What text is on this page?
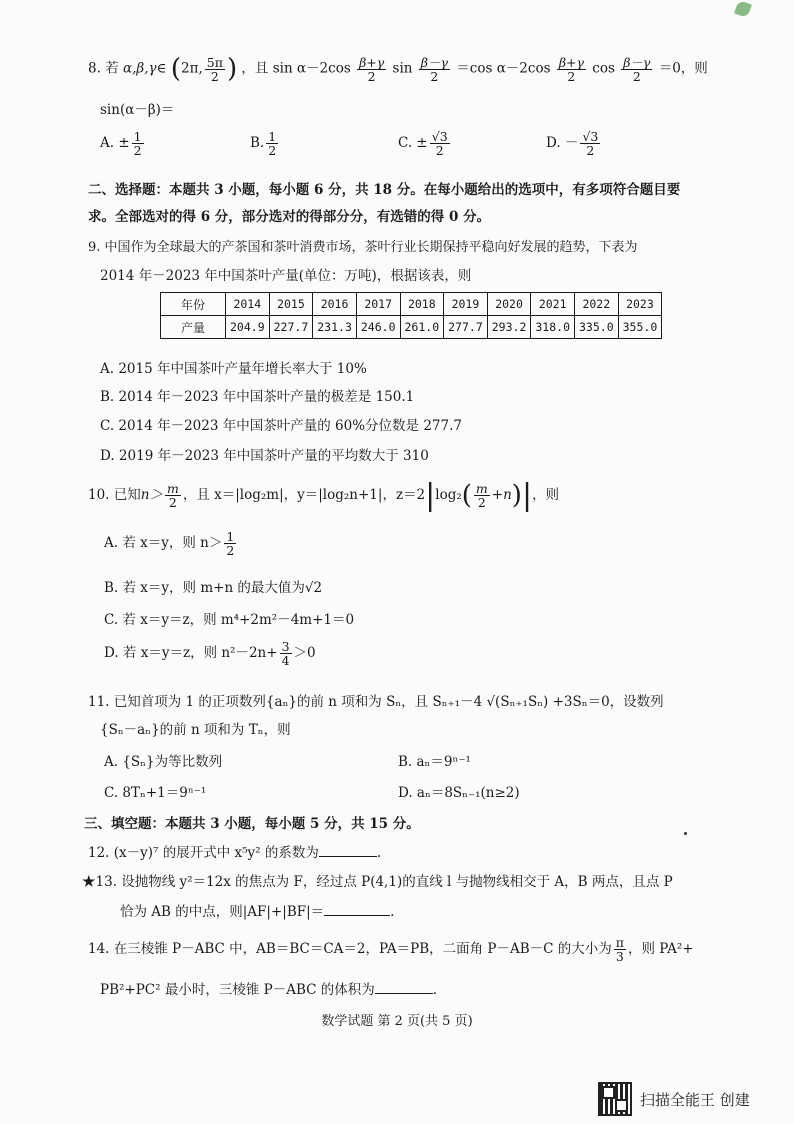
8. 若 α,β,γ∈ (2π, $\frac{5\pi}{2}$ ) ，且 $\sin \alpha-2\cos \frac{\beta+\gamma}{2}$ $\sin \frac{\beta-\gamma}{2} =\cos$ $\alpha-2\cos \frac{\beta+\gamma}{2}$ $\cos \frac{\beta-\gamma}{2} =0$，则
sin(α－β)＝
A. ± $\frac{1}{2}$	B. $\frac{1}{2}$	C. ± $\frac{√3}{2}$	D. － $\frac{√3}{2}$
二、选择题：本题共 3 小题，每小题 6 分，共 18 分。在每小题给出的选项中，有多项符合题目要
求。全部选对的得 6 分，部分选对的得部分分，有选错的得 0 分。
9. 中国作为全球最大的产茶国和茶叶消费市场，茶叶行业长期保持平稳向好发展的趋势，下表为
2014 年－2023 年中国茶叶产量(单位：万吨)，根据该表，则
年份	2014	2015	2016	2017	2018	2019	2020	2021	2022	2023
产量	204.9	227.7	231.3	246.0	261.0	277.7	293.2	318.0	335.0	355.0
A. 2015 年中国茶叶产量年增长率大于 10%
B. 2014 年－2023 年中国茶叶产量的极差是 150.1
C. 2014 年－2023 年中国茶叶产量的 60%分位数是 277.7
D. 2019 年－2023 年中国茶叶产量的平均数大于 310
10. 已知$n> \frac{m}{2}$ ，且 x＝|log₂m|，y＝|log₂n+1|，$z=2|\log_2( \frac{m}{2} +n)|$，则
A. 若 x＝y，则 $n> \frac{1}{2}$
B. 若 x＝y，则 m+n 的最大值为√2
C. 若 x＝y＝z，则 m⁴+2m²－4m+1＝0
D. 若 x＝y＝z，则 $n^2-2n+ \frac{3}{4} >0$
11. 已知首项为 1 的正项数列{aₙ}的前 n 项和为 Sₙ，且 Sₙ₊₁－4 √(Sₙ₊₁Sₙ) +3Sₙ＝0，设数列
{Sₙ－aₙ}的前 n 项和为 Tₙ，则
A. {Sₙ}为等比数列	B. aₙ＝9ⁿ⁻¹
C. 8Tₙ+1＝9ⁿ⁻¹	D. aₙ＝8Sₙ₋₁(n≥2)
三、填空题：本题共 3 小题，每小题 5 分，共 15 分。
12. (x－y)⁷ 的展开式中 x⁵y² 的系数为	.
★13. 设抛物线 y²＝12x 的焦点为 F，经过点 P(4,1)的直线 l 与抛物线相交于 A，B 两点，且点 P
恰为 AB 的中点，则|AF|+|BF|＝	.
14. 在三棱锥 P－ABC 中，AB＝BC＝CA＝2，PA＝PB，二面角 P－AB－C 的大小为 $\frac{\pi}{3}$ ，则 PA²+
PB²+PC² 最小时，三棱锥 P－ABC 的体积为	.
数学试题 第 2 页(共 5 页)
扫描全能王 创建
